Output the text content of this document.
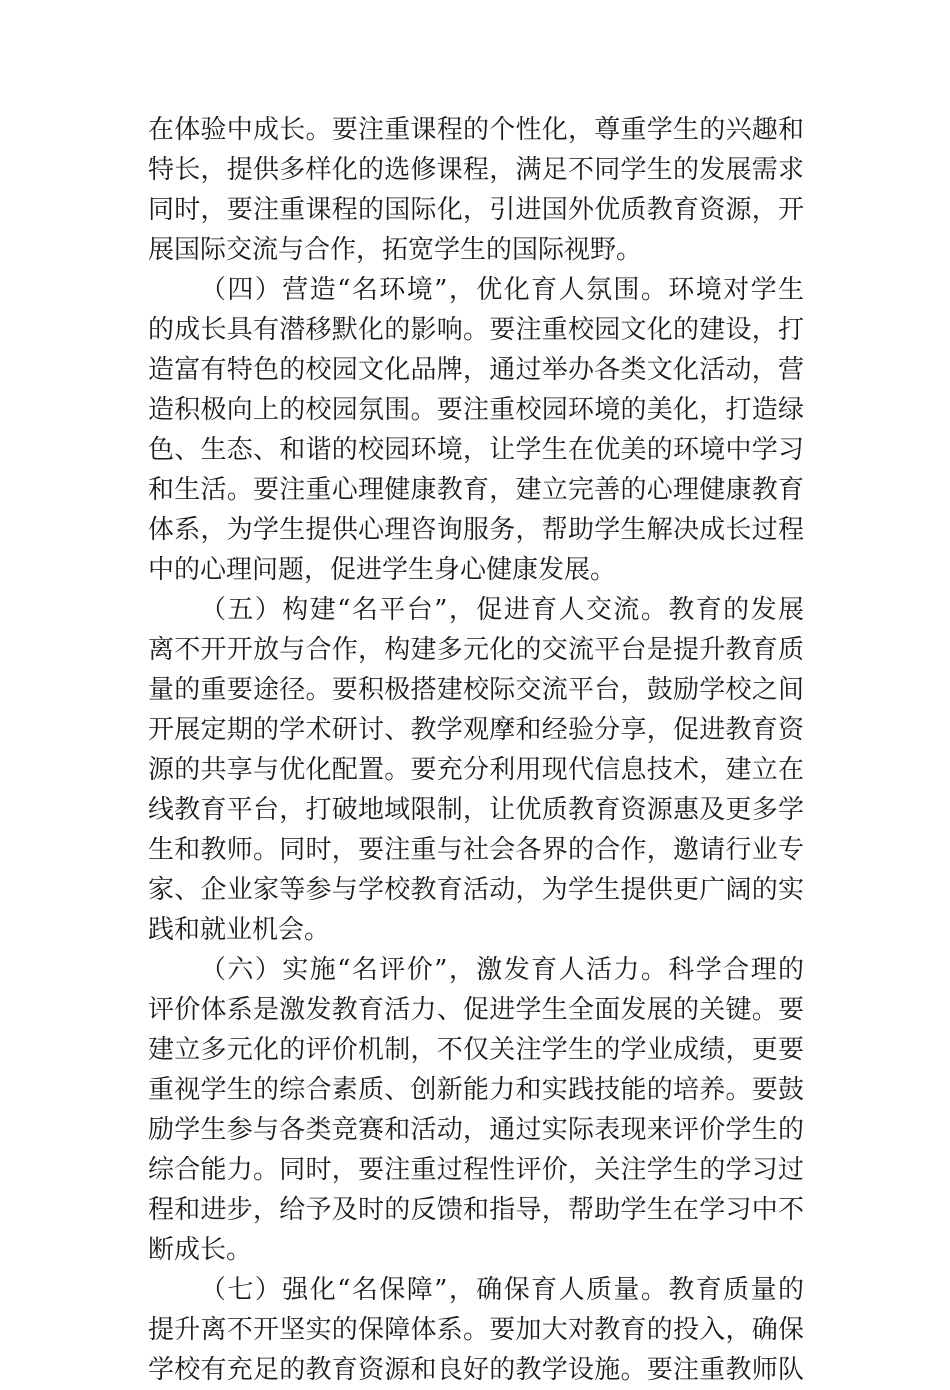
在体验中成长。要注重课程的个性化，尊重学生的兴趣和
特长，提供多样化的选修课程，满足不同学生的发展需求
同时，要注重课程的国际化，引进国外优质教育资源，开
展国际交流与合作，拓宽学生的国际视野。
（四）营造“名环境”，优化育人氛围。环境对学生
的成长具有潜移默化的影响。要注重校园文化的建设，打
造富有特色的校园文化品牌，通过举办各类文化活动，营
造积极向上的校园氛围。要注重校园环境的美化，打造绿
色、生态、和谐的校园环境，让学生在优美的环境中学习
和生活。要注重心理健康教育，建立完善的心理健康教育
体系，为学生提供心理咨询服务，帮助学生解决成长过程
中的心理问题，促进学生身心健康发展。
（五）构建“名平台”，促进育人交流。教育的发展
离不开开放与合作，构建多元化的交流平台是提升教育质
量的重要途径。要积极搭建校际交流平台，鼓励学校之间
开展定期的学术研讨、教学观摩和经验分享，促进教育资
源的共享与优化配置。要充分利用现代信息技术，建立在
线教育平台，打破地域限制，让优质教育资源惠及更多学
生和教师。同时，要注重与社会各界的合作，邀请行业专
家、企业家等参与学校教育活动，为学生提供更广阔的实
践和就业机会。
（六）实施“名评价”，激发育人活力。科学合理的
评价体系是激发教育活力、促进学生全面发展的关键。要
建立多元化的评价机制，不仅关注学生的学业成绩，更要
重视学生的综合素质、创新能力和实践技能的培养。要鼓
励学生参与各类竞赛和活动，通过实际表现来评价学生的
综合能力。同时，要注重过程性评价，关注学生的学习过
程和进步，给予及时的反馈和指导，帮助学生在学习中不
断成长。
（七）强化“名保障”，确保育人质量。教育质量的
提升离不开坚实的保障体系。要加大对教育的投入，确保
学校有充足的教育资源和良好的教学设施。要注重教师队
